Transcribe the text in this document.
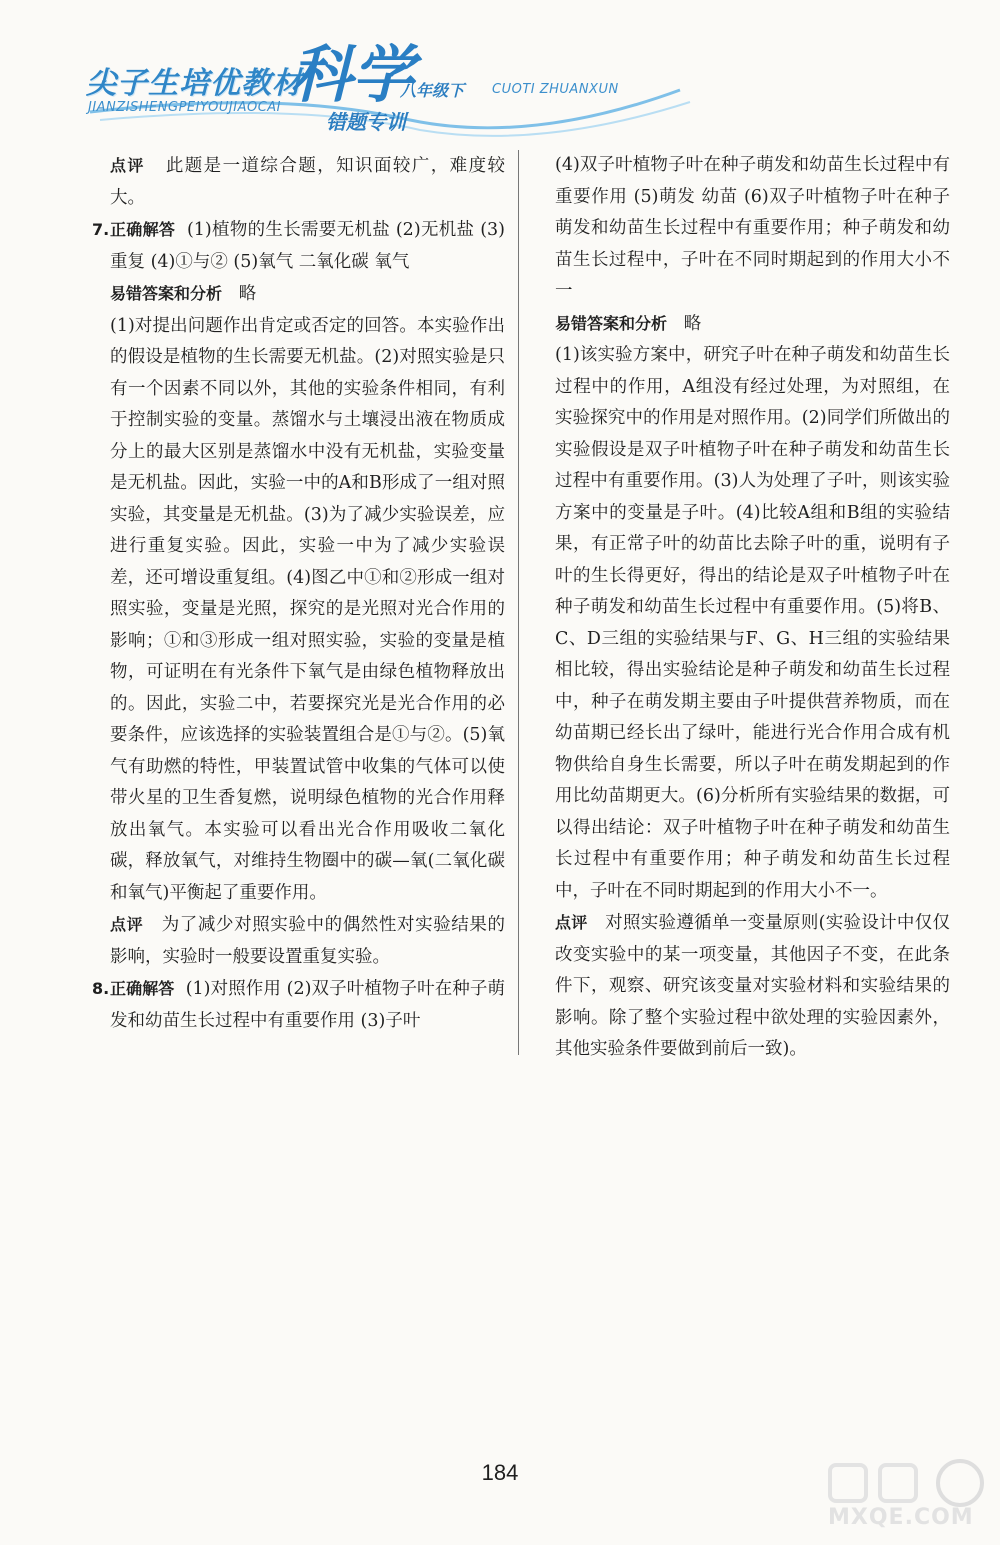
尖子生培优教材
JIANZISHENGPEIYOUJIAOCAI 科学
八年级下 CUOTI ZHUANXUN
错题专训

点评 此题是一道综合题，知识面较广，难度较大。

7. 正确解答 (1)植物的生长需要无机盐 (2)无机盐 (3)重复 (4)①与② (5)氧气 二氧化碳 氧气

易错答案和分析 略

(1)对提出问题作出肯定或否定的回答。本实验作出的假设是植物的生长需要无机盐。(2)对照实验是只有一个因素不同以外，其他的实验条件相同，有利于控制实验的变量。蒸馏水与土壤浸出液在物质成分上的最大区别是蒸馏水中没有无机盐，实验变量是无机盐。因此，实验一中的A和B形成了一组对照实验，其变量是无机盐。(3)为了减少实验误差，应进行重复实验。因此，实验一中为了减少实验误差，还可增设重复组。(4)图乙中①和②形成一组对照实验，变量是光照，探究的是光照对光合作用的影响；①和③形成一组对照实验，实验的变量是植物，可证明在有光条件下氧气是由绿色植物释放出的。因此，实验二中，若要探究光是光合作用的必要条件，应该选择的实验装置组合是①与②。(5)氧气有助燃的特性，甲装置试管中收集的气体可以使带火星的卫生香复燃，说明绿色植物的光合作用释放出氧气。本实验可以看出光合作用吸收二氧化碳，释放氧气，对维持生物圈中的碳—氧(二氧化碳和氧气)平衡起了重要作用。

点评 为了减少对照实验中的偶然性对实验结果的影响，实验时一般要设置重复实验。

8. 正确解答 (1)对照作用 (2)双子叶植物子叶在种子萌发和幼苗生长过程中有重要作用 (3)子叶

(4)双子叶植物子叶在种子萌发和幼苗生长过程中有重要作用 (5)萌发 幼苗 (6)双子叶植物子叶在种子萌发和幼苗生长过程中有重要作用；种子萌发和幼苗生长过程中，子叶在不同时期起到的作用大小不一

易错答案和分析 略

(1)该实验方案中，研究子叶在种子萌发和幼苗生长过程中的作用，A组没有经过处理，为对照组，在实验探究中的作用是对照作用。(2)同学们所做出的实验假设是双子叶植物子叶在种子萌发和幼苗生长过程中有重要作用。(3)人为处理了子叶，则该实验方案中的变量是子叶。(4)比较A组和B组的实验结果，有正常子叶的幼苗比去除子叶的重，说明有子叶的生长得更好，得出的结论是双子叶植物子叶在种子萌发和幼苗生长过程中有重要作用。(5)将B、C、D三组的实验结果与F、G、H三组的实验结果相比较，得出实验结论是种子萌发和幼苗生长过程中，种子在萌发期主要由子叶提供营养物质，而在幼苗期已经长出了绿叶，能进行光合作用合成有机物供给自身生长需要，所以子叶在萌发期起到的作用比幼苗期更大。(6)分析所有实验结果的数据，可以得出结论：双子叶植物子叶在种子萌发和幼苗生长过程中有重要作用；种子萌发和幼苗生长过程中，子叶在不同时期起到的作用大小不一。

点评 对照实验遵循单一变量原则(实验设计中仅仅改变实验中的某一项变量，其他因子不变，在此条件下，观察、研究该变量对实验材料和实验结果的影响。除了整个实验过程中欲处理的实验因素外，其他实验条件要做到前后一致)。

184
MXQE.COM
